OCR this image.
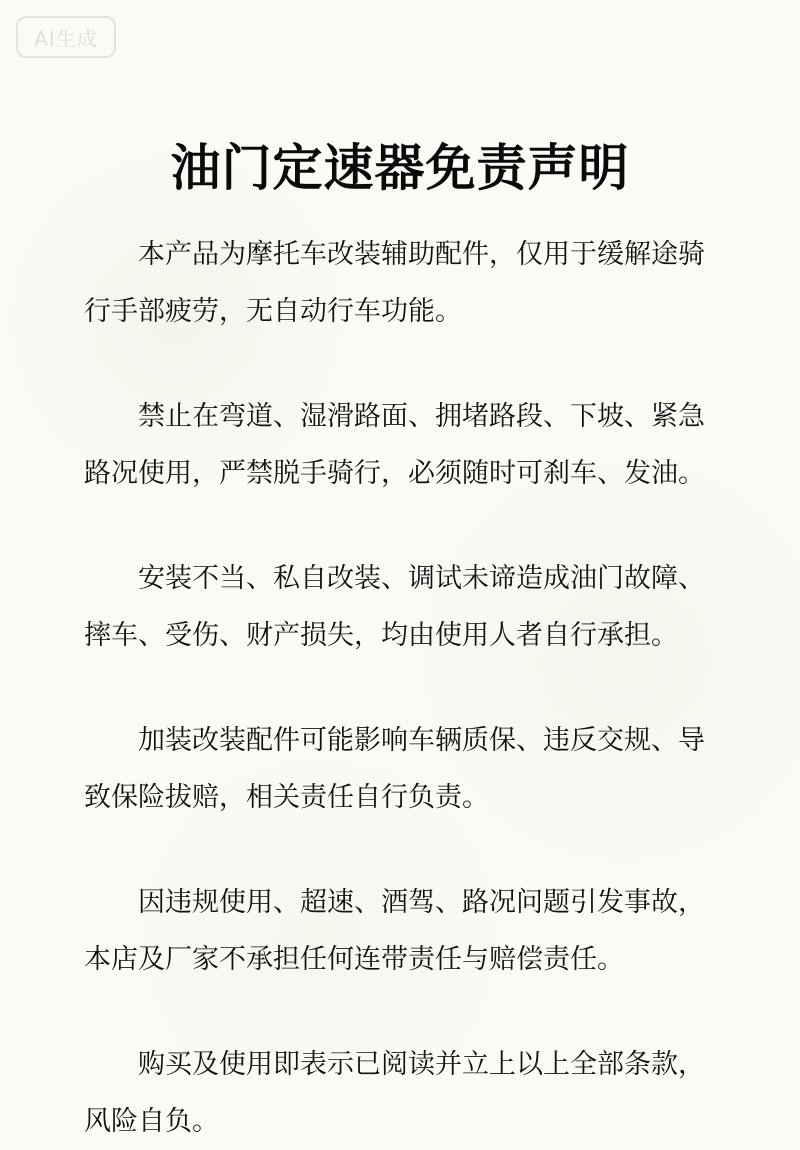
AI生成
油门定速器免责声明

本产品为摩托车改装辅助配件，仅用于缓解途骑行手部疲劳，无自动行车功能。

禁止在弯道、湿滑路面、拥堵路段、下坡、紧急路况使用，严禁脱手骑行，必须随时可刹车、发油。

安装不当、私自改装、调试未谛造成油门故障、摔车、受伤、财产损失，均由使用人者自行承担。

加装改装配件可能影响车辆质保、违反交规、导致保险拔赔，相关责任自行负责。

因违规使用、超速、酒驾、路况问题引发事故，本店及厂家不承担任何连带责任与赔偿责任。

购买及使用即表示已阅读并立上以上全部条款，风险自负。
